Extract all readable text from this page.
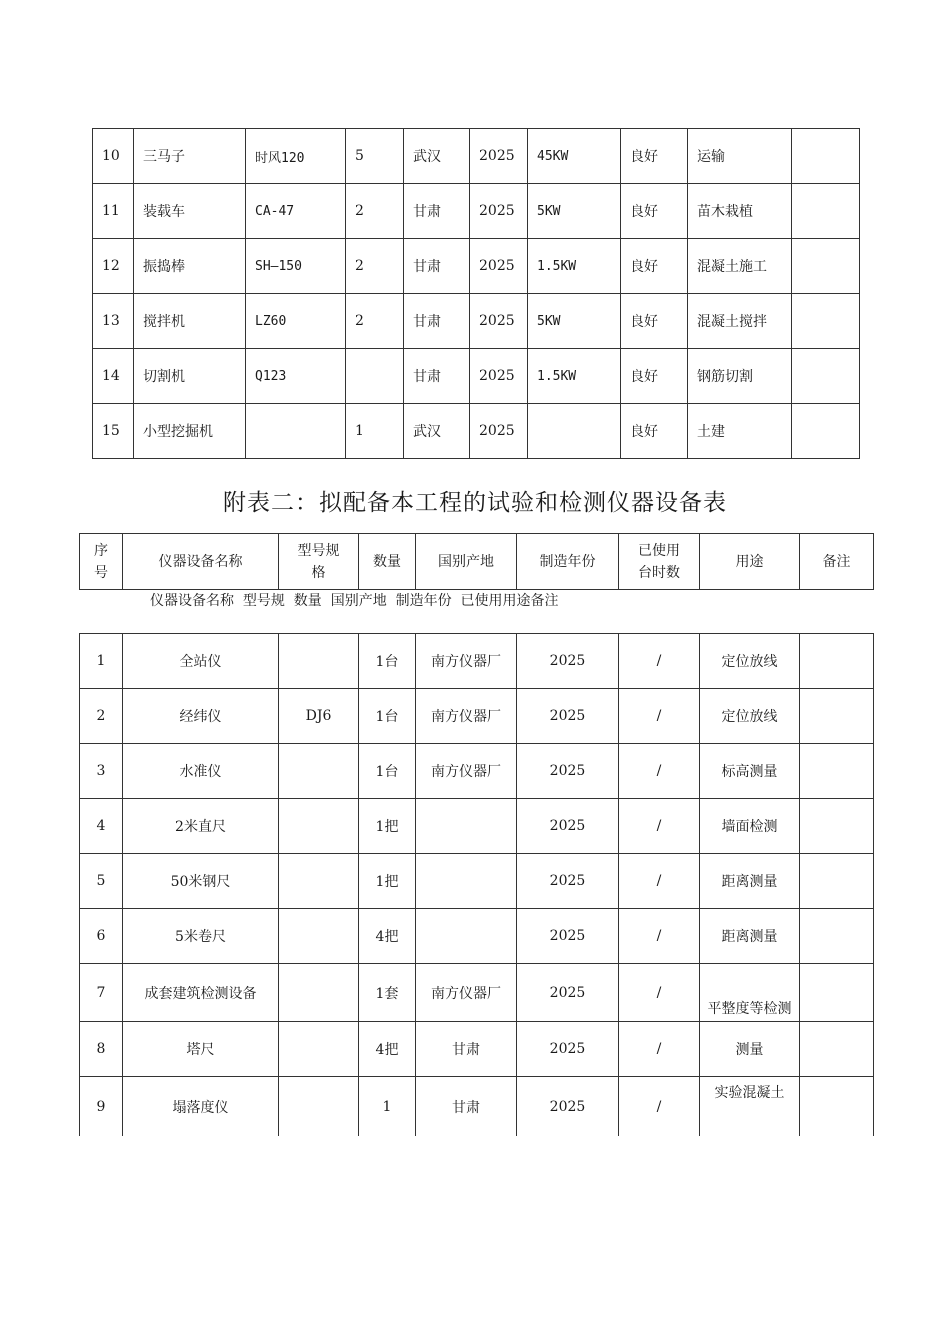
10	三马子	时风120	5	武汉	2025	45KW	良好	运输	
11	装载车	CA-47	2	甘肃	2025	5KW	良好	苗木栽植	
12	振捣棒	SH—150	2	甘肃	2025	1.5KW	良好	混凝土施工	
13	搅拌机	LZ60	2	甘肃	2025	5KW	良好	混凝土搅拌	
14	切割机	Q123		甘肃	2025	1.5KW	良好	钢筋切割	
15	小型挖掘机		1	武汉	2025		良好	土建	
附表二：拟配备本工程的试验和检测仪器设备表
序号	仪器设备名称	型号规格	数量	国别产地	制造年份	已使用台时数	用途	备注
仪器设备名称  型号规  数量  国别产地  制造年份  已使用用途备注
1	全站仪		1台	南方仪器厂	2025	/	定位放线	
2	经纬仪	DJ6	1台	南方仪器厂	2025	/	定位放线	
3	水准仪		1台	南方仪器厂	2025	/	标高测量	
4	2米直尺		1把		2025	/	墙面检测	
5	50米钢尺		1把		2025	/	距离测量	
6	5米卷尺		4把		2025	/	距离测量	
7	成套建筑检测设备		1套	南方仪器厂	2025	/	平整度等检测	
8	塔尺		4把	甘肃	2025	/	测量	
9	塌落度仪		1	甘肃	2025	/	实验混凝土	
